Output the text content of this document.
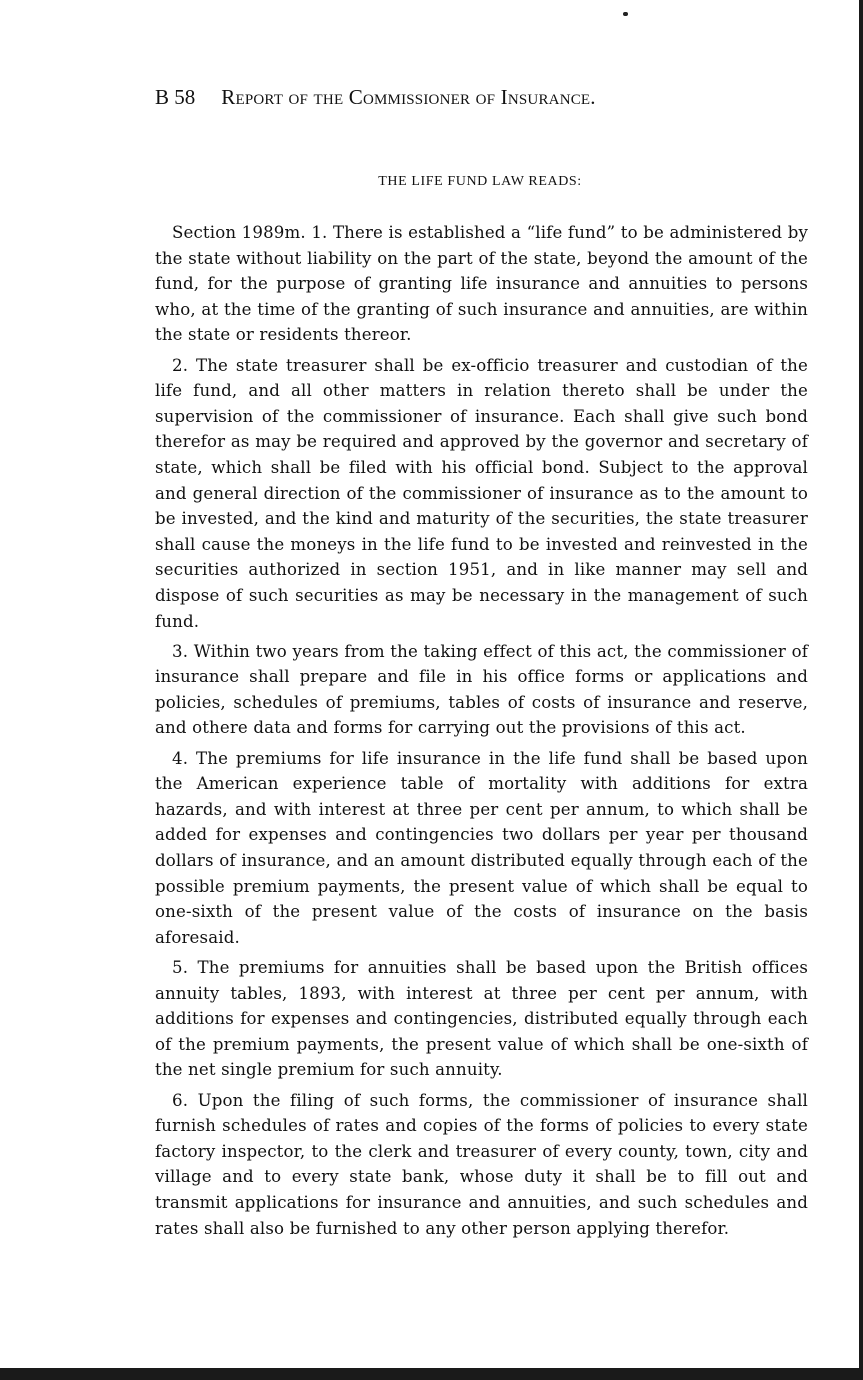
B 58 Report of the Commissioner of Insurance.
THE LIFE FUND LAW READS:

Section 1989m. 1. There is established a “life fund” to be administered by the state without liability on the part of the state, beyond the amount of the fund, for the purpose of granting life insurance and annuities to persons who, at the time of the granting of such insurance and annuities, are within the state or residents thereor.

2. The state treasurer shall be ex-officio treasurer and custodian of the life fund, and all other matters in relation thereto shall be under the supervision of the commissioner of insurance. Each shall give such bond therefor as may be required and approved by the governor and secretary of state, which shall be filed with his official bond. Subject to the approval and general direction of the commissioner of insurance as to the amount to be invested, and the kind and maturity of the securities, the state treasurer shall cause the moneys in the life fund to be invested and reinvested in the securities authorized in section 1951, and in like manner may sell and dispose of such securities as may be necessary in the management of such fund.

3. Within two years from the taking effect of this act, the commissioner of insurance shall prepare and file in his office forms or applications and policies, schedules of premiums, tables of costs of insurance and reserve, and othere data and forms for carrying out the provisions of this act.

4. The premiums for life insurance in the life fund shall be based upon the American experience table of mortality with additions for extra hazards, and with interest at three per cent per annum, to which shall be added for expenses and contingencies two dollars per year per thousand dollars of insurance, and an amount distributed equally through each of the possible premium payments, the present value of which shall be equal to one-sixth of the present value of the costs of insurance on the basis aforesaid.

5. The premiums for annuities shall be based upon the British offices annuity tables, 1893, with interest at three per cent per annum, with additions for expenses and contingencies, distributed equally through each of the premium payments, the present value of which shall be one-sixth of the net single premium for such annuity.

6. Upon the filing of such forms, the commissioner of insurance shall furnish schedules of rates and copies of the forms of policies to every state factory inspector, to the clerk and treasurer of every county, town, city and village and to every state bank, whose duty it shall be to fill out and transmit applications for insurance and annuities, and such schedules and rates shall also be furnished to any other person applying therefor.
